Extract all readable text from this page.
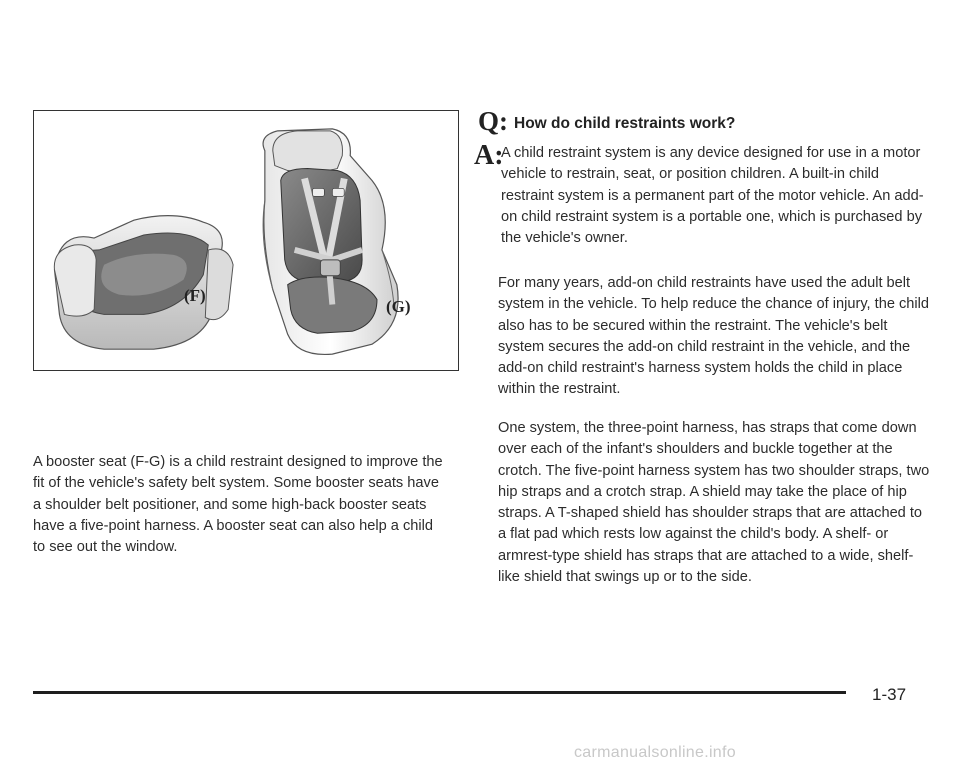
(F)
(G)

A booster seat (F-G) is a child restraint designed to improve the fit of the vehicle's safety belt system. Some booster seats have a shoulder belt positioner, and some high-back booster seats have a five-point harness. A booster seat can also help a child to see out the window.

Q: How do child restraints work?
A:

A child restraint system is any device designed for use in a motor vehicle to restrain, seat, or position children. A built-in child restraint system is a permanent part of the motor vehicle. An add-on child restraint system is a portable one, which is purchased by the vehicle's owner.

For many years, add-on child restraints have used the adult belt system in the vehicle. To help reduce the chance of injury, the child also has to be secured within the restraint. The vehicle's belt system secures the add-on child restraint in the vehicle, and the add-on child restraint's harness system holds the child in place within the restraint.

One system, the three-point harness, has straps that come down over each of the infant's shoulders and buckle together at the crotch. The five-point harness system has two shoulder straps, two hip straps and a crotch strap. A shield may take the place of hip straps. A T-shaped shield has shoulder straps that are attached to a flat pad which rests low against the child's body. A shelf- or armrest-type shield has straps that are attached to a wide, shelf-like shield that swings up or to the side.

1-37
carmanualsonline.info
